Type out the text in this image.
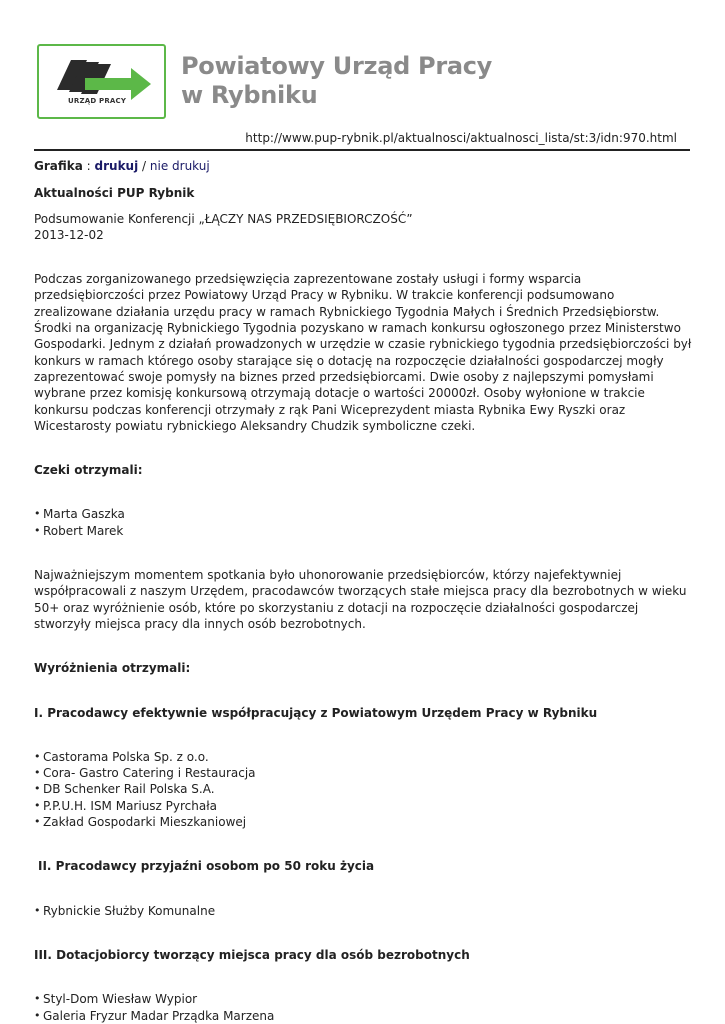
URZĄD PRACY
Powiatowy Urząd Pracy
w Rybniku
http://www.pup-rybnik.pl/aktualnosci/aktualnosci_lista/st:3/idn:970.html

Grafika : drukuj / nie drukuj

Aktualności PUP Rybnik

Podsumowanie Konferencji „ŁĄCZY NAS PRZEDSIĘBIORCZOŚĆ”

2013-12-02

Podczas zorganizowanego przedsięwzięcia zaprezentowane zostały usługi i formy wsparcia przedsiębiorczości przez Powiatowy Urząd Pracy w Rybniku. W trakcie konferencji podsumowano zrealizowane działania urzędu pracy w ramach Rybnickiego Tygodnia Małych i Średnich Przedsiębiorstw. Środki na organizację Rybnickiego Tygodnia pozyskano w ramach konkursu ogłoszonego przez Ministerstwo Gospodarki. Jednym z działań prowadzonych w urzędzie w czasie rybnickiego tygodnia przedsiębiorczości był konkurs w ramach którego osoby starające się o dotację na rozpoczęcie działalności gospodarczej mogły zaprezentować swoje pomysły na biznes przed przedsiębiorcami. Dwie osoby z najlepszymi pomysłami wybrane przez komisję konkursową otrzymają dotacje o wartości 20000zł. Osoby wyłonione w trakcie konkursu podczas konferencji otrzymały z rąk Pani Wiceprezydent miasta Rybnika Ewy Ryszki oraz Wicestarosty powiatu rybnickiego Aleksandry Chudzik symboliczne czeki.

Czeki otrzymali:

• Marta Gaszka
• Robert Marek

Najważniejszym momentem spotkania było uhonorowanie przedsiębiorców, którzy najefektywniej współpracowali z naszym Urzędem, pracodawców tworzących stałe miejsca pracy dla bezrobotnych w wieku 50+ oraz wyróżnienie osób, które po skorzystaniu z dotacji na rozpoczęcie działalności gospodarczej stworzyły miejsca pracy dla innych osób bezrobotnych.

Wyróżnienia otrzymali:

I. Pracodawcy efektywnie współpracujący z Powiatowym Urzędem Pracy w Rybniku

• Castorama Polska Sp. z o.o.
• Cora- Gastro Catering i Restauracja
• DB Schenker Rail Polska S.A.
• P.P.U.H. ISM Mariusz Pyrchała
• Zakład Gospodarki Mieszkaniowej

II. Pracodawcy przyjaźni osobom po 50 roku życia

• Rybnickie Służby Komunalne

III. Dotacjobiorcy tworzący miejsca pracy dla osób bezrobotnych

• Styl-Dom Wiesław Wypior
• Galeria Fryzur Madar Prządka Marzena
